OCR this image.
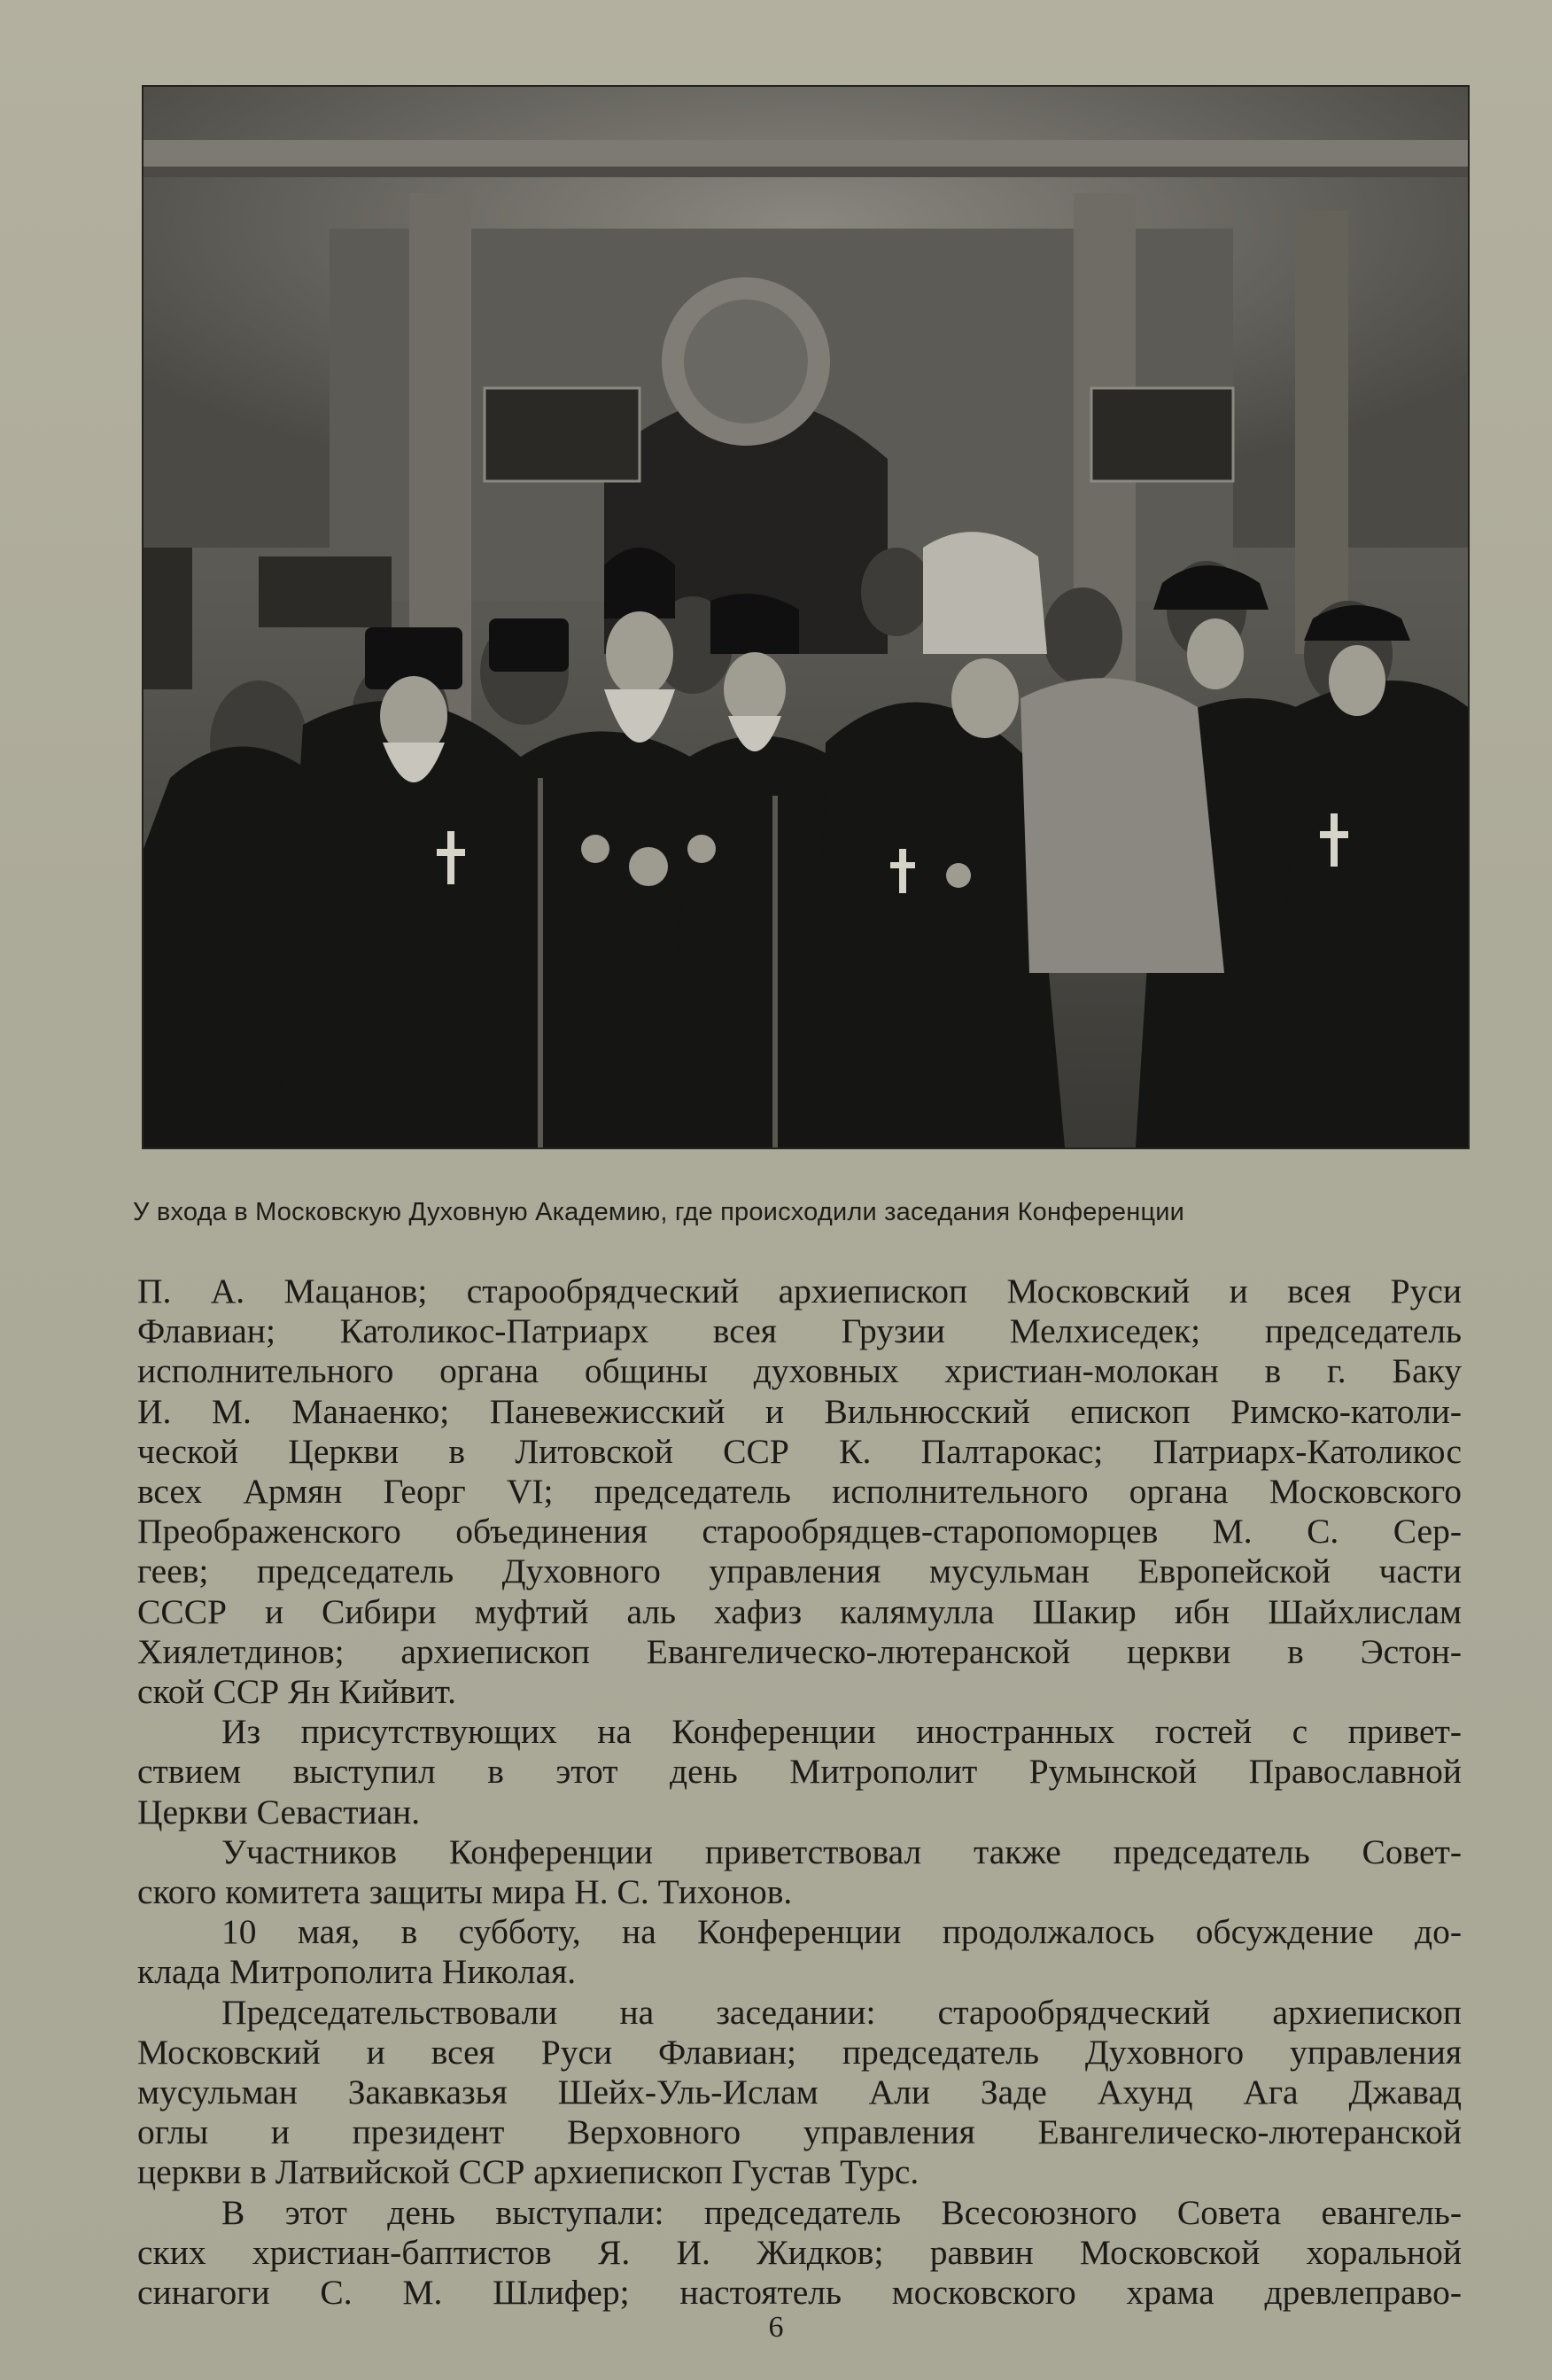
У входа в Московскую Духовную Академию, где происходили заседания Конференции
П. А. Мацанов; старообрядческий архиепископ Московский и всея Руси
Флавиан; Католикос-Патриарх всея Грузии Мелхиседек; председатель
исполнительного органа общины духовных христиан-молокан в г. Баку
И. М. Манаенко; Паневежисский и Вильнюсский епископ Римско-католи-
ческой Церкви в Литовской ССР К. Палтарокас; Патриарх-Католикос
всех Армян Георг VI; председатель исполнительного органа Московского
Преображенского объединения старообрядцев-старопоморцев М. С. Сер-
геев; председатель Духовного управления мусульман Европейской части
СССР и Сибири муфтий аль хафиз калямулла Шакир ибн Шайхлислам
Хиялетдинов; архиепископ Евангелическо-лютеранской церкви в Эстон-
ской ССР Ян Кийвит.
Из присутствующих на Конференции иностранных гостей с привет-
ствием выступил в этот день Митрополит Румынской Православной
Церкви Севастиан.
Участников Конференции приветствовал также председатель Совет-
ского комитета защиты мира Н. С. Тихонов.
10 мая, в субботу, на Конференции продолжалось обсуждение до-
клада Митрополита Николая.
Председательствовали на заседании: старообрядческий архиепископ
Московский и всея Руси Флавиан; председатель Духовного управления
мусульман Закавказья Шейх-Уль-Ислам Али Заде Ахунд Ага Джавад
оглы и президент Верховного управления Евангелическо-лютеранской
церкви в Латвийской ССР архиепископ Густав Турс.
В этот день выступали: председатель Всесоюзного Совета евангель-
ских христиан-баптистов Я. И. Жидков; раввин Московской хоральной
синагоги С. М. Шлифер; настоятель московского храма древлеправо-
6
